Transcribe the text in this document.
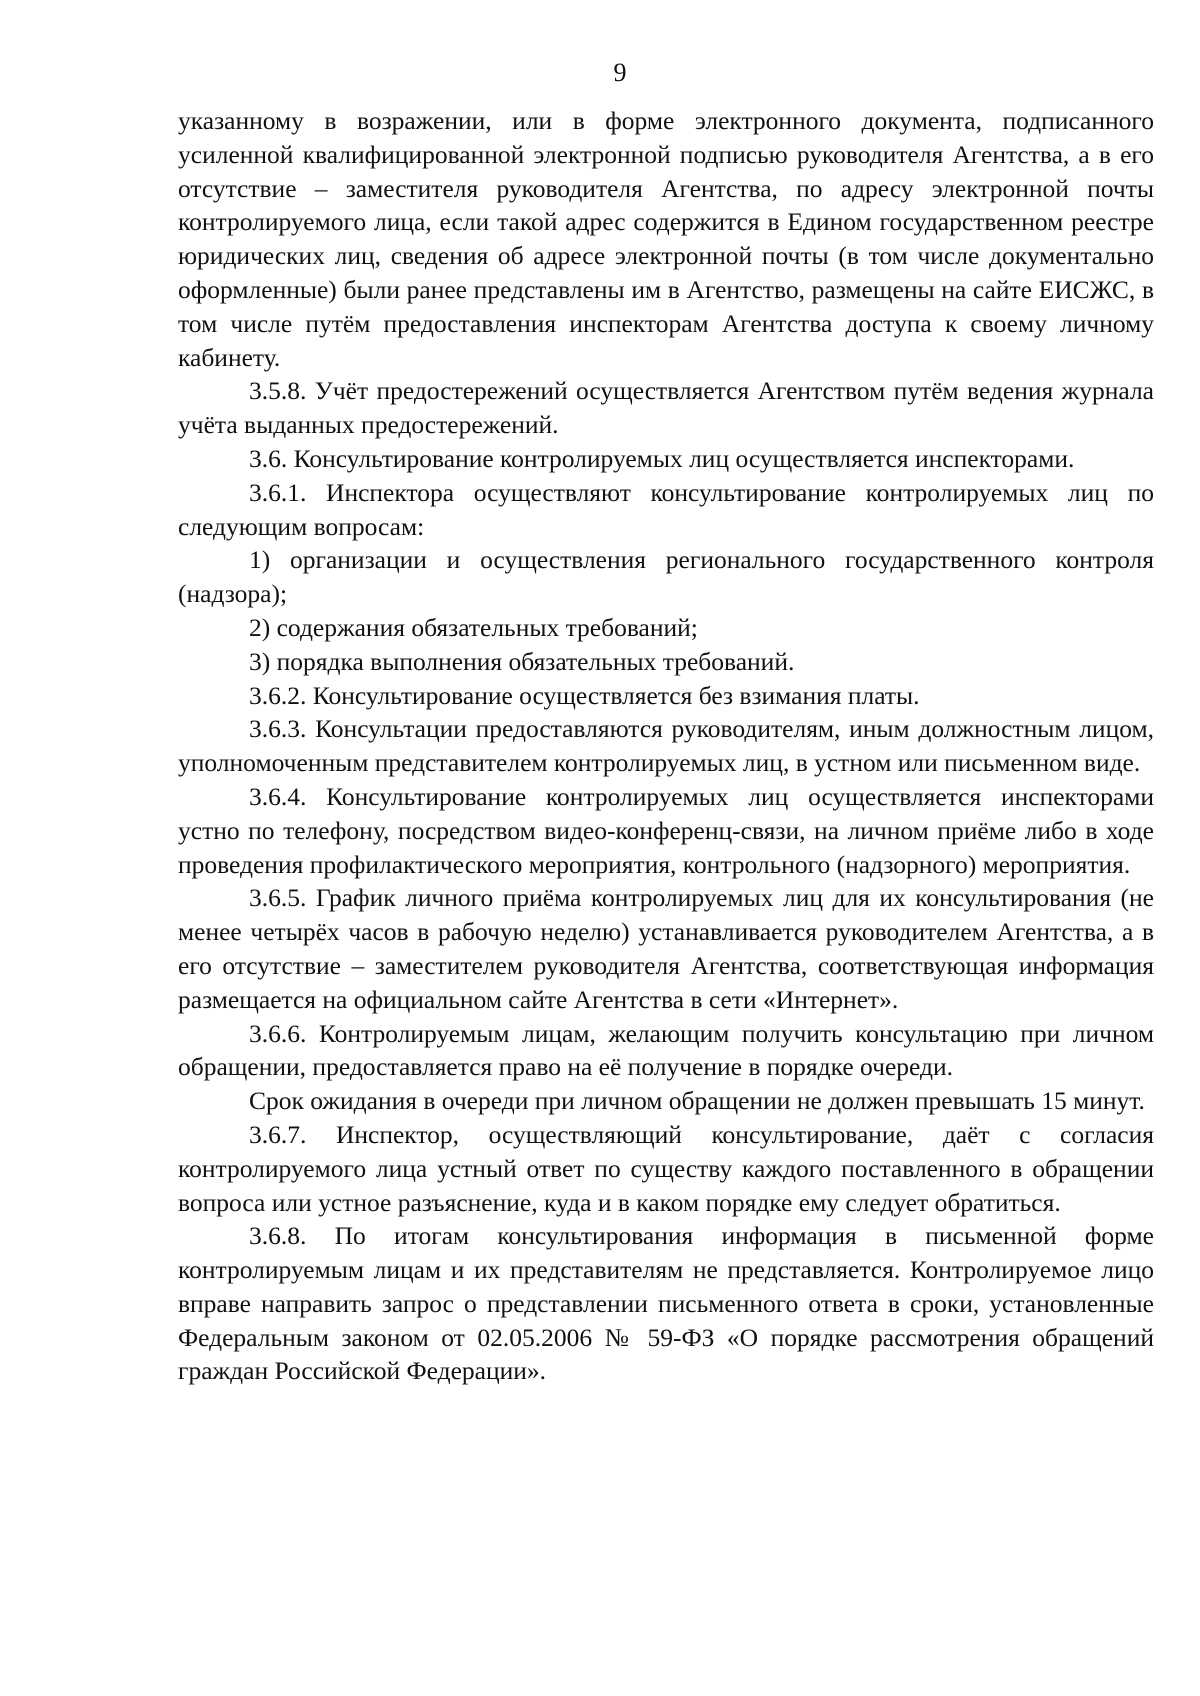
9

указанному в возражении, или в форме электронного документа, подписанного усиленной квалифицированной электронной подписью руководителя Агентства, а в его отсутствие – заместителя руководителя Агентства, по адресу электронной почты контролируемого лица, если такой адрес содержится в Едином государственном реестре юридических лиц, сведения об адресе электронной почты (в том числе документально оформленные) были ранее представлены им в Агентство, размещены на сайте ЕИСЖС, в том числе путём предоставления инспекторам Агентства доступа к своему личному кабинету.

3.5.8. Учёт предостережений осуществляется Агентством путём ведения журнала учёта выданных предостережений.

3.6. Консультирование контролируемых лиц осуществляется инспекторами.

3.6.1. Инспектора осуществляют консультирование контролируемых лиц по следующим вопросам:

1) организации и осуществления регионального государственного контроля (надзора);

2) содержания обязательных требований;

3) порядка выполнения обязательных требований.

3.6.2. Консультирование осуществляется без взимания платы.

3.6.3. Консультации предоставляются руководителям, иным должностным лицом, уполномоченным представителем контролируемых лиц, в устном или письменном виде.

3.6.4. Консультирование контролируемых лиц осуществляется инспекторами устно по телефону, посредством видео-конференц-связи, на личном приёме либо в ходе проведения профилактического мероприятия, контрольного (надзорного) мероприятия.

3.6.5. График личного приёма контролируемых лиц для их консультирования (не менее четырёх часов в рабочую неделю) устанавливается руководителем Агентства, а в его отсутствие – заместителем руководителя Агентства, соответствующая информация размещается на официальном сайте Агентства в сети «Интернет».

3.6.6. Контролируемым лицам, желающим получить консультацию при личном обращении, предоставляется право на её получение в порядке очереди.

Срок ожидания в очереди при личном обращении не должен превышать 15 минут.

3.6.7. Инспектор, осуществляющий консультирование, даёт с согласия контролируемого лица устный ответ по существу каждого поставленного в обращении вопроса или устное разъяснение, куда и в каком порядке ему следует обратиться.

3.6.8. По итогам консультирования информация в письменной форме контролируемым лицам и их представителям не представляется. Контролируемое лицо вправе направить запрос о представлении письменного ответа в сроки, установленные Федеральным законом от 02.05.2006 № 59-ФЗ «О порядке рассмотрения обращений граждан Российской Федерации».
